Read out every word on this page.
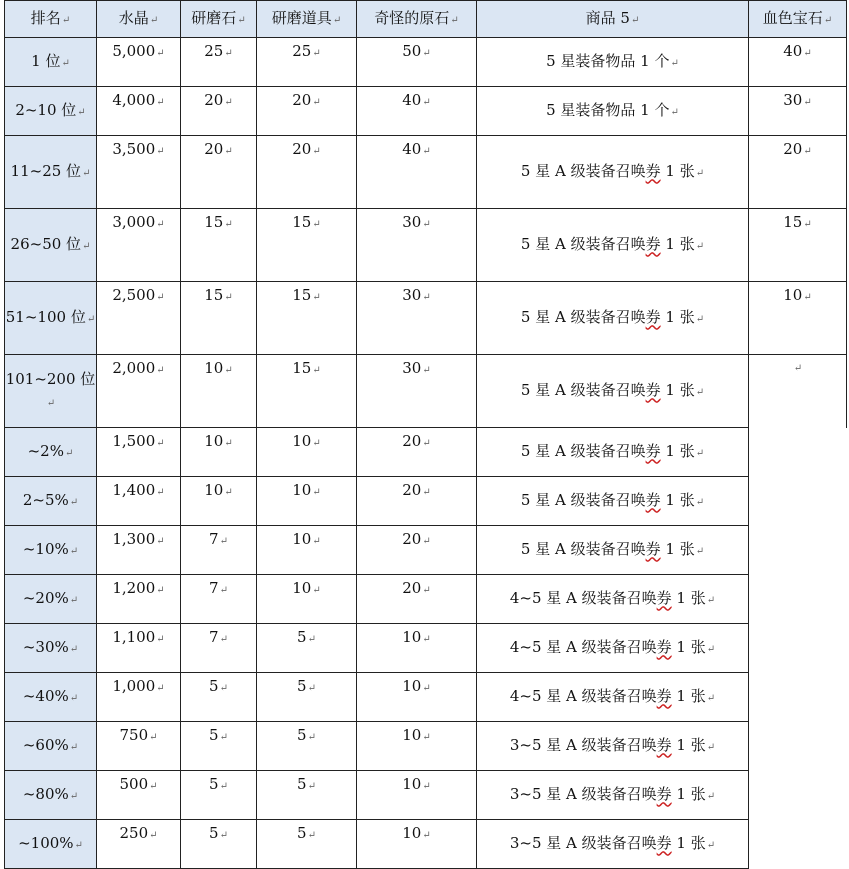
排名↵	水晶↵	研磨石↵	研磨道具↵	奇怪的原石↵	商品 5↵	血色宝石↵
1 位↵	5,000↵	25↵	25↵	50↵	5 星装备物品 1 个↵	40↵
2~10 位↵	4,000↵	20↵	20↵	40↵	5 星装备物品 1 个↵	30↵
11~25 位↵	3,500↵	20↵	20↵	40↵	5 星 A 级装备召唤券 1 张↵	20↵
26~50 位↵	3,000↵	15↵	15↵	30↵	5 星 A 级装备召唤券 1 张↵	15↵
51~100 位↵	2,500↵	15↵	15↵	30↵	5 星 A 级装备召唤券 1 张↵	10↵
101~200 位↵	2,000↵	10↵	15↵	30↵	5 星 A 级装备召唤券 1 张↵	↵
~2%↵	1,500↵	10↵	10↵	20↵	5 星 A 级装备召唤券 1 张↵	
2~5%↵	1,400↵	10↵	10↵	20↵	5 星 A 级装备召唤券 1 张↵	
~10%↵	1,300↵	7↵	10↵	20↵	5 星 A 级装备召唤券 1 张↵	
~20%↵	1,200↵	7↵	10↵	20↵	4~5 星 A 级装备召唤券 1 张↵	
~30%↵	1,100↵	7↵	5↵	10↵	4~5 星 A 级装备召唤券 1 张↵	
~40%↵	1,000↵	5↵	5↵	10↵	4~5 星 A 级装备召唤券 1 张↵	
~60%↵	750↵	5↵	5↵	10↵	3~5 星 A 级装备召唤券 1 张↵	
~80%↵	500↵	5↵	5↵	10↵	3~5 星 A 级装备召唤券 1 张↵	
~100%↵	250↵	5↵	5↵	10↵	3~5 星 A 级装备召唤券 1 张↵	
